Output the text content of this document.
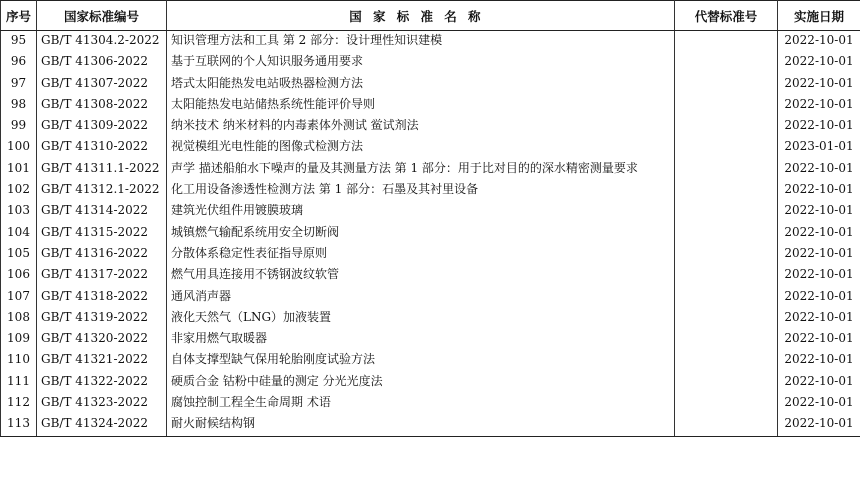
序号	国家标准编号	国家标准名称	代替标准号	实施日期
95	GB/T 41304.2-2022	知识管理方法和工具 第 2 部分：设计理性知识建模		2022-10-01
96	GB/T 41306-2022	基于互联网的个人知识服务通用要求		2022-10-01
97	GB/T 41307-2022	塔式太阳能热发电站吸热器检测方法		2022-10-01
98	GB/T 41308-2022	太阳能热发电站储热系统性能评价导则		2022-10-01
99	GB/T 41309-2022	纳米技术 纳米材料的内毒素体外测试 鲎试剂法		2022-10-01
100	GB/T 41310-2022	视觉模组光电性能的图像式检测方法		2023-01-01
101	GB/T 41311.1-2022	声学 描述船舶水下噪声的量及其测量方法 第 1 部分：用于比对目的的深水精密测量要求		2022-10-01
102	GB/T 41312.1-2022	化工用设备渗透性检测方法 第 1 部分：石墨及其衬里设备		2022-10-01
103	GB/T 41314-2022	建筑光伏组件用镀膜玻璃		2022-10-01
104	GB/T 41315-2022	城镇燃气输配系统用安全切断阀		2022-10-01
105	GB/T 41316-2022	分散体系稳定性表征指导原则		2022-10-01
106	GB/T 41317-2022	燃气用具连接用不锈钢波纹软管		2022-10-01
107	GB/T 41318-2022	通风消声器		2022-10-01
108	GB/T 41319-2022	液化天然气（LNG）加液装置		2022-10-01
109	GB/T 41320-2022	非家用燃气取暖器		2022-10-01
110	GB/T 41321-2022	自体支撑型缺气保用轮胎刚度试验方法		2022-10-01
111	GB/T 41322-2022	硬质合金 钴粉中硅量的测定 分光光度法		2022-10-01
112	GB/T 41323-2022	腐蚀控制工程全生命周期 术语		2022-10-01
113	GB/T 41324-2022	耐火耐候结构钢		2022-10-01
